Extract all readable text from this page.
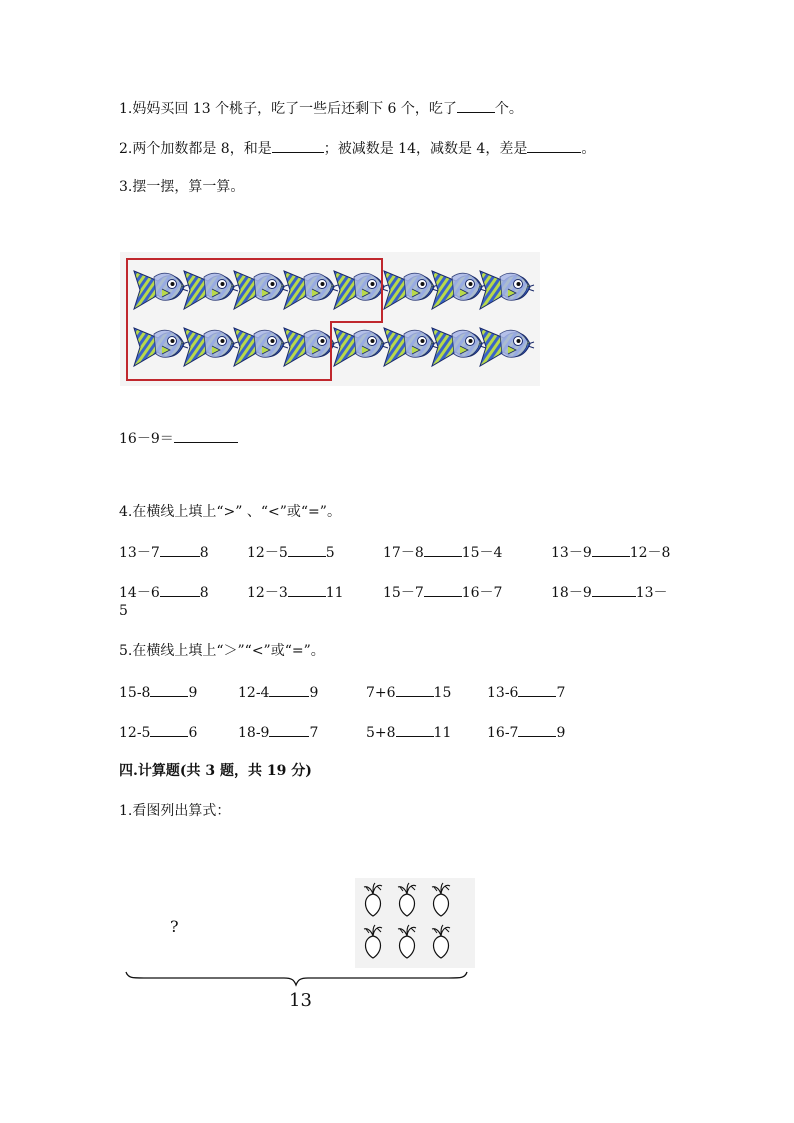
1.妈妈买回 13 个桃子，吃了一些后还剩下 6 个，吃了	个。
2.两个加数都是 8，和是	；被减数是 14，减数是 4，差是	。
3.摆一摆，算一算。
16－9＝
4.在横线上填上“>” 、“<”或“=”。
13－7	8	12－5	5	17－8	15－4	13－9	12－8
14－6	8	12－3	11	15－7	16－7	18－9	13－
5
5.在横线上填上“＞”“<”或“=”。
15-8	9	12-4	9	7+6	15	13-6	7
12-5	6	18-9	7	5+8	11	16-7	9
四.计算题(共 3 题，共 19 分)
1.看图列出算式：
?
13
